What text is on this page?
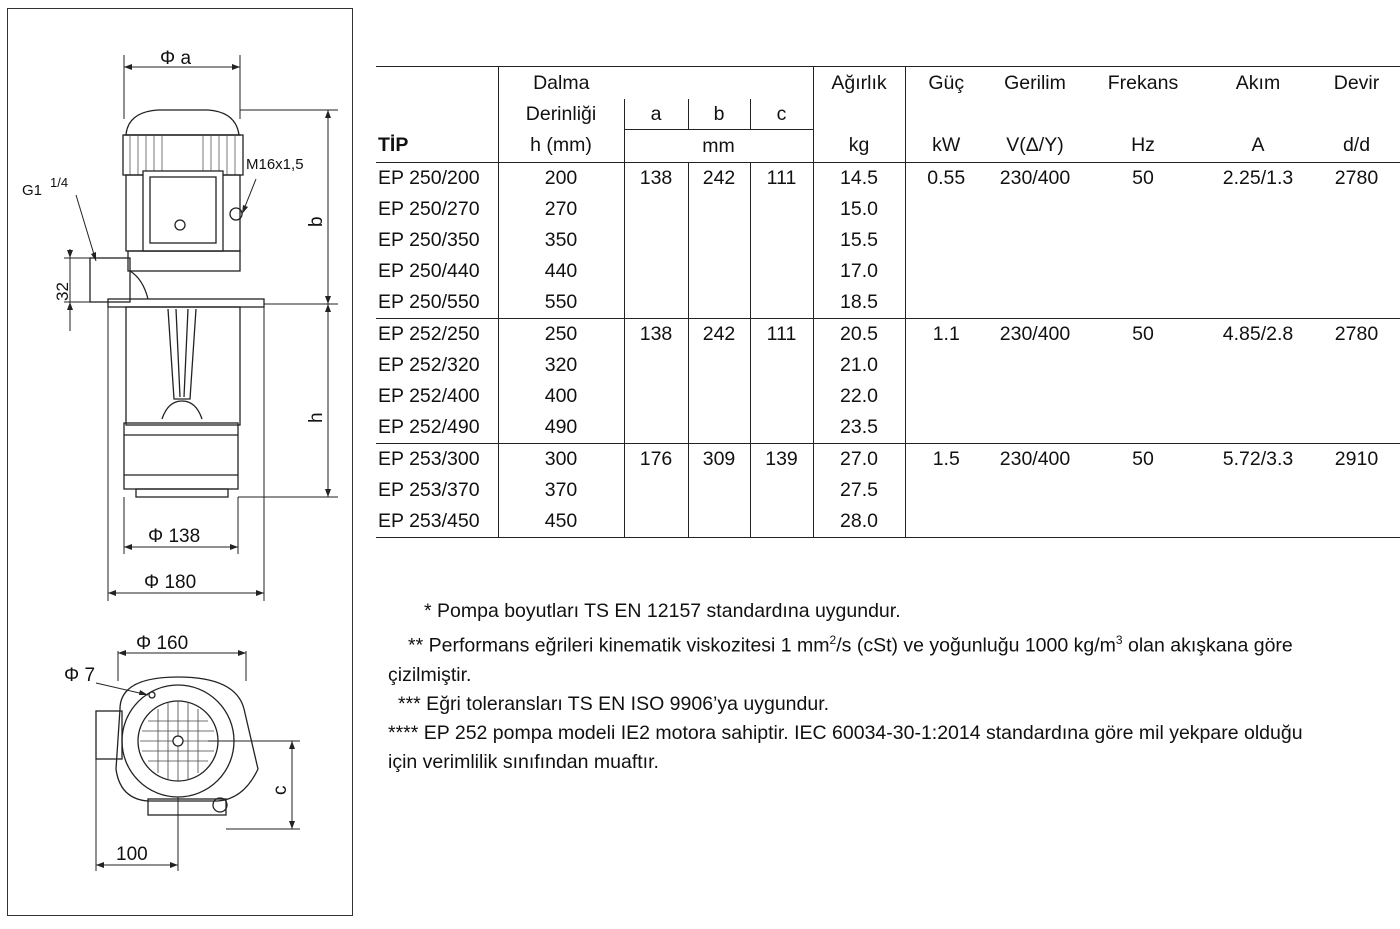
Φ a
M16x1,5
G1 1/4
b
h
32
Φ 138
Φ 180
Φ 160
Φ 7
c
100
	Dalma				Ağırlık	Güç	Gerilim	Frekans	Akım	Devir
	Derinliği	a	b	c						
TİP	h (mm)	mm			kg	kW	V(Δ/Y)	Hz	A	d/d
EP 250/200	200	138	242	111	14.5	0.55	230/400	50	2.25/1.3	2780
EP 250/270	270				15.0					
EP 250/350	350				15.5					
EP 250/440	440				17.0					
EP 250/550	550				18.5					
EP 252/250	250	138	242	111	20.5	1.1	230/400	50	4.85/2.8	2780
EP 252/320	320				21.0					
EP 252/400	400				22.0					
EP 252/490	490				23.5					
EP 253/300	300	176	309	139	27.0	1.5	230/400	50	5.72/3.3	2910
EP 253/370	370				27.5					
EP 253/450	450				28.0					

* Pompa boyutları TS EN 12157 standardına uygundur.

** Performans eğrileri kinematik viskozitesi 1 $mm^2/s$ (cSt) ve yoğunluğu 1000 $kg/m^3$ olan akışkana göre

çizilmiştir.

*** Eğri toleransları TS EN ISO 9906’ya uygundur.

**** EP 252 pompa modeli IE2 motora sahiptir. IEC 60034-30-1:2014 standardına göre mil yekpare olduğu

için verimlilik sınıfından muaftır.
